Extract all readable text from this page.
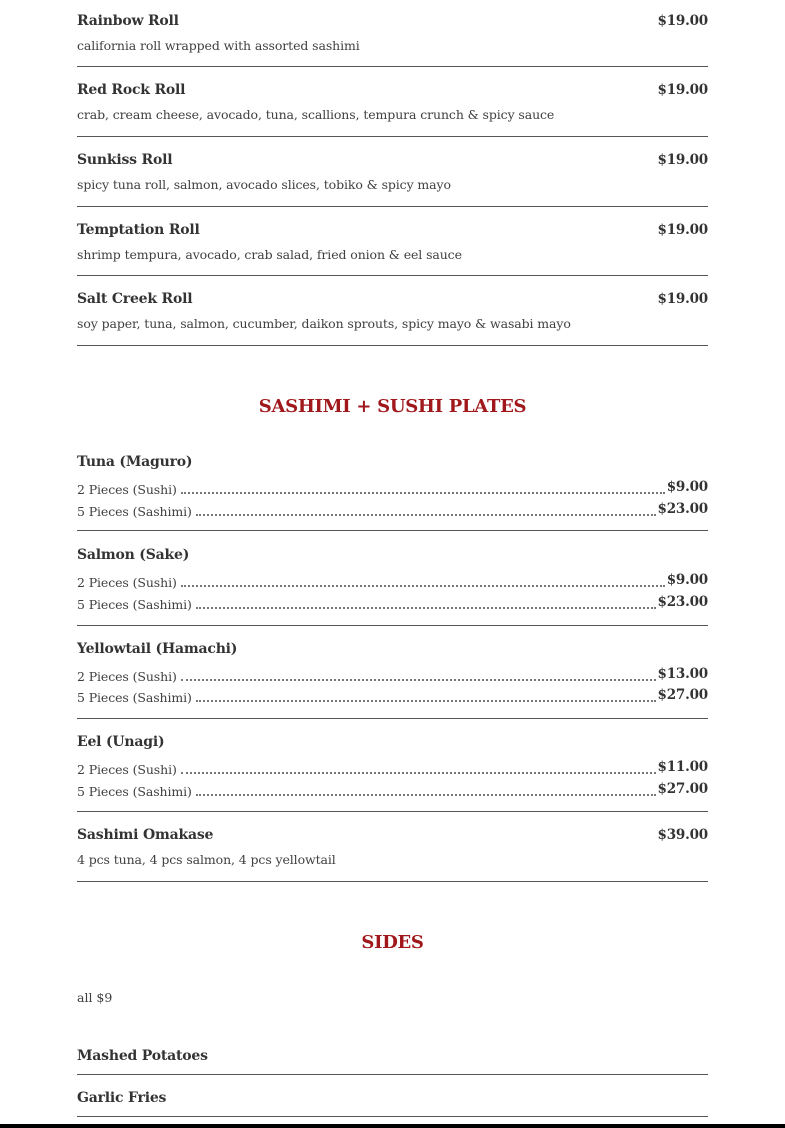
Rainbow Roll	$19.00
california roll wrapped with assorted sashimi
Red Rock Roll	$19.00
crab, cream cheese, avocado, tuna, scallions, tempura crunch & spicy sauce
Sunkiss Roll	$19.00
spicy tuna roll, salmon, avocado slices, tobiko & spicy mayo
Temptation Roll	$19.00
shrimp tempura, avocado, crab salad, fried onion & eel sauce
Salt Creek Roll	$19.00
soy paper, tuna, salmon, cucumber, daikon sprouts, spicy mayo & wasabi mayo
SASHIMI + SUSHI PLATES
Tuna (Maguro)
2 Pieces (Sushi)	$9.00
5 Pieces (Sashimi)	$23.00
Salmon (Sake)
2 Pieces (Sushi)	$9.00
5 Pieces (Sashimi)	$23.00
Yellowtail (Hamachi)
2 Pieces (Sushi)	$13.00
5 Pieces (Sashimi)	$27.00
Eel (Unagi)
2 Pieces (Sushi)	$11.00
5 Pieces (Sashimi)	$27.00
Sashimi Omakase	$39.00
4 pcs tuna, 4 pcs salmon, 4 pcs yellowtail
SIDES
all $9
Mashed Potatoes
Garlic Fries
